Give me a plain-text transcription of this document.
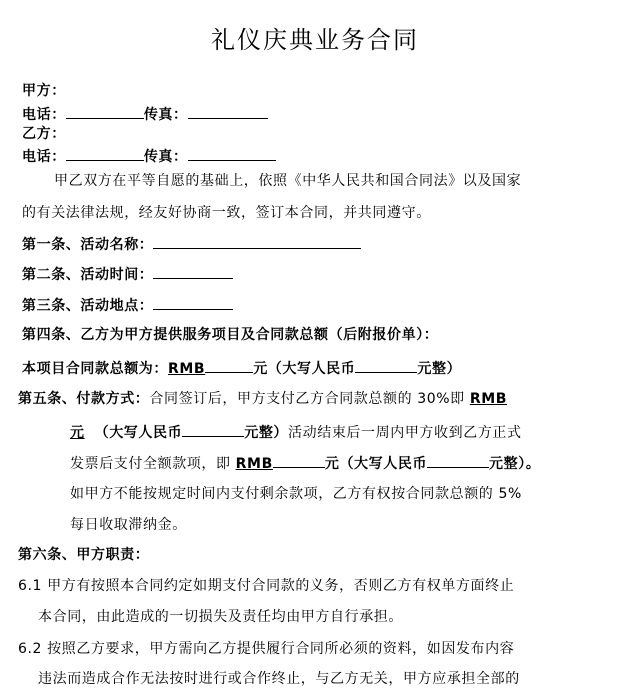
礼仪庆典业务合同
甲方：
电话：	传真：
乙方：
电话：	传真：
甲乙双方在平等自愿的基础上，依照《中华人民共和国合同法》以及国家
的有关法律法规，经友好协商一致，签订本合同，并共同遵守。
第一条、活动名称：
第二条、活动时间：
第三条、活动地点：
第四条、乙方为甲方提供服务项目及合同款总额（后附报价单）：
本项目合同款总额为：RMB	元（大写人民币	元整）
第五条、付款方式：合同签订后，甲方支付乙方合同款总额的 30%即 RMB
元 （大写人民币	元整）活动结束后一周内甲方收到乙方正式
发票后支付全额款项，即 RMB	元（大写人民币	元整）。
如甲方不能按规定时间内支付剩余款项，乙方有权按合同款总额的 5%
每日收取滞纳金。
第六条、甲方职责：
6.1 甲方有按照本合同约定如期支付合同款的义务，否则乙方有权单方面终止
本合同，由此造成的一切损失及责任均由甲方自行承担。
6.2 按照乙方要求，甲方需向乙方提供履行合同所必须的资料，如因发布内容
违法而造成合作无法按时进行或合作终止，与乙方无关，甲方应承担全部的
